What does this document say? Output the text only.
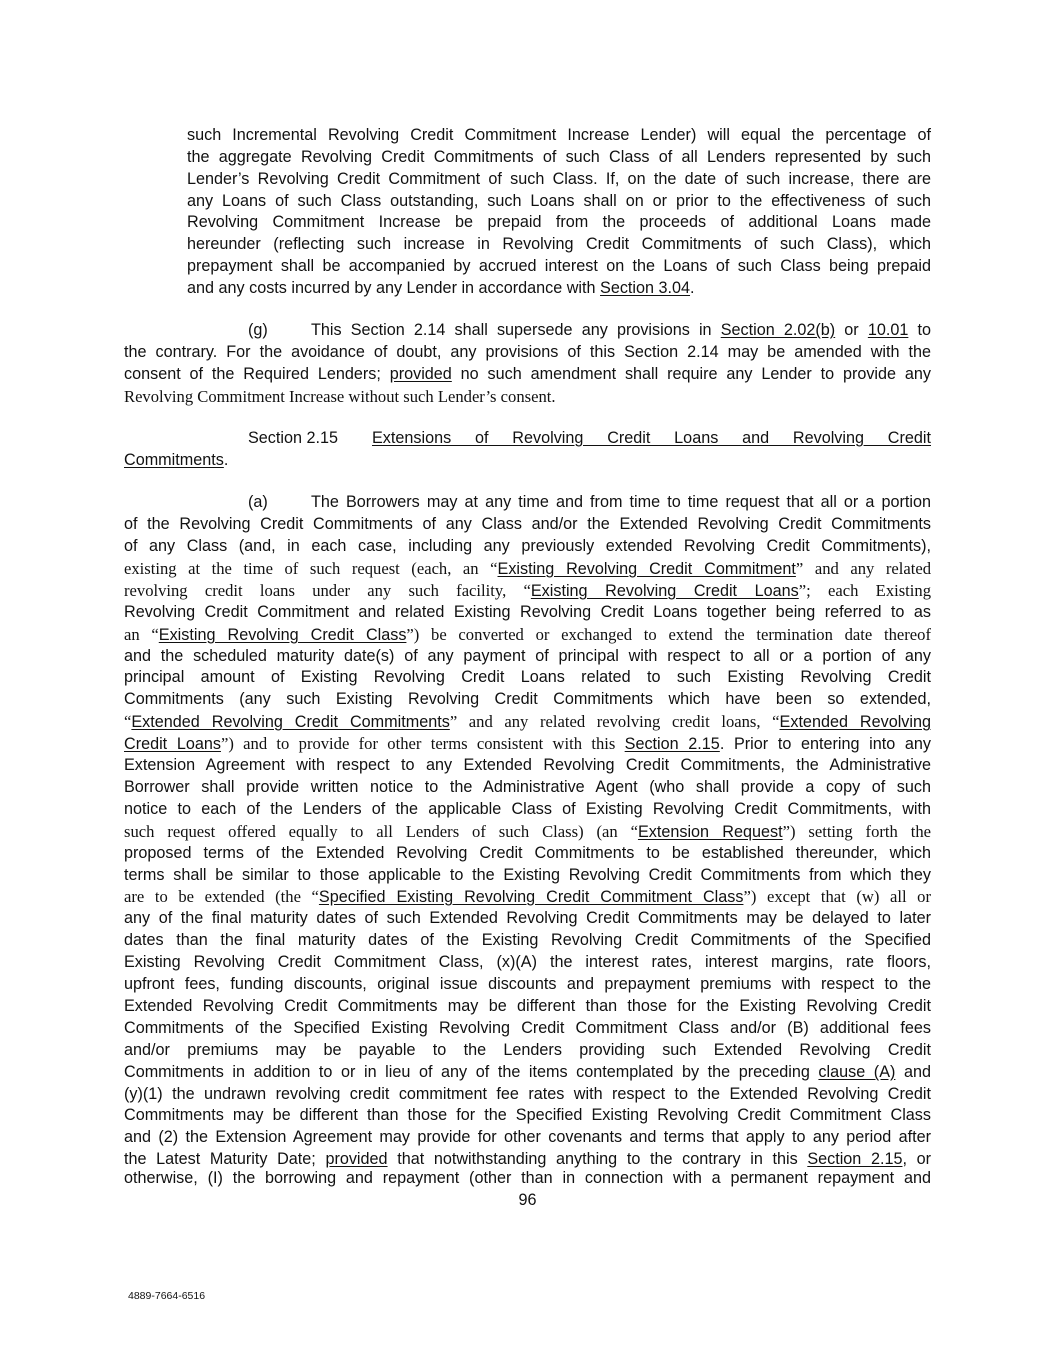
such Incremental Revolving Credit Commitment Increase Lender) will equal the percentage of
the aggregate Revolving Credit Commitments of such Class of all Lenders represented by such
Lender’s Revolving Credit Commitment of such Class. If, on the date of such increase, there are
any Loans of such Class outstanding, such Loans shall on or prior to the effectiveness of such
Revolving Commitment Increase be prepaid from the proceeds of additional Loans made
hereunder (reflecting such increase in Revolving Credit Commitments of such Class), which
prepayment shall be accompanied by accrued interest on the Loans of such Class being prepaid
and any costs incurred by any Lender in accordance with Section 3.04.
(g)	This Section 2.14 shall supersede any provisions in Section 2.02(b) or 10.01 to
the contrary. For the avoidance of doubt, any provisions of this Section 2.14 may be amended with the
consent of the Required Lenders; provided no such amendment shall require any Lender to provide any
Revolving Commitment Increase without such Lender’s consent.
Section 2.15 Extensions of Revolving Credit Loans and Revolving Credit
Commitments.
(a)	The Borrowers may at any time and from time to time request that all or a portion
of the Revolving Credit Commitments of any Class and/or the Extended Revolving Credit Commitments
of any Class (and, in each case, including any previously extended Revolving Credit Commitments),
existing at the time of such request (each, an “Existing Revolving Credit Commitment” and any related
revolving credit loans under any such facility, “Existing Revolving Credit Loans”; each Existing
Revolving Credit Commitment and related Existing Revolving Credit Loans together being referred to as
an “Existing Revolving Credit Class”) be converted or exchanged to extend the termination date thereof
and the scheduled maturity date(s) of any payment of principal with respect to all or a portion of any
principal amount of Existing Revolving Credit Loans related to such Existing Revolving Credit
Commitments (any such Existing Revolving Credit Commitments which have been so extended,
“Extended Revolving Credit Commitments” and any related revolving credit loans, “Extended Revolving
Credit Loans”) and to provide for other terms consistent with this Section 2.15. Prior to entering into any
Extension Agreement with respect to any Extended Revolving Credit Commitments, the Administrative
Borrower shall provide written notice to the Administrative Agent (who shall provide a copy of such
notice to each of the Lenders of the applicable Class of Existing Revolving Credit Commitments, with
such request offered equally to all Lenders of such Class) (an “Extension Request”) setting forth the
proposed terms of the Extended Revolving Credit Commitments to be established thereunder, which
terms shall be similar to those applicable to the Existing Revolving Credit Commitments from which they
are to be extended (the “Specified Existing Revolving Credit Commitment Class”) except that (w) all or
any of the final maturity dates of such Extended Revolving Credit Commitments may be delayed to later
dates than the final maturity dates of the Existing Revolving Credit Commitments of the Specified
Existing Revolving Credit Commitment Class, (x)(A) the interest rates, interest margins, rate floors,
upfront fees, funding discounts, original issue discounts and prepayment premiums with respect to the
Extended Revolving Credit Commitments may be different than those for the Existing Revolving Credit
Commitments of the Specified Existing Revolving Credit Commitment Class and/or (B) additional fees
and/or premiums may be payable to the Lenders providing such Extended Revolving Credit
Commitments in addition to or in lieu of any of the items contemplated by the preceding clause (A) and
(y)(1) the undrawn revolving credit commitment fee rates with respect to the Extended Revolving Credit
Commitments may be different than those for the Specified Existing Revolving Credit Commitment Class
and (2) the Extension Agreement may provide for other covenants and terms that apply to any period after
the Latest Maturity Date; provided that notwithstanding anything to the contrary in this Section 2.15, or
otherwise, (I) the borrowing and repayment (other than in connection with a permanent repayment and
96
4889-7664-6516
